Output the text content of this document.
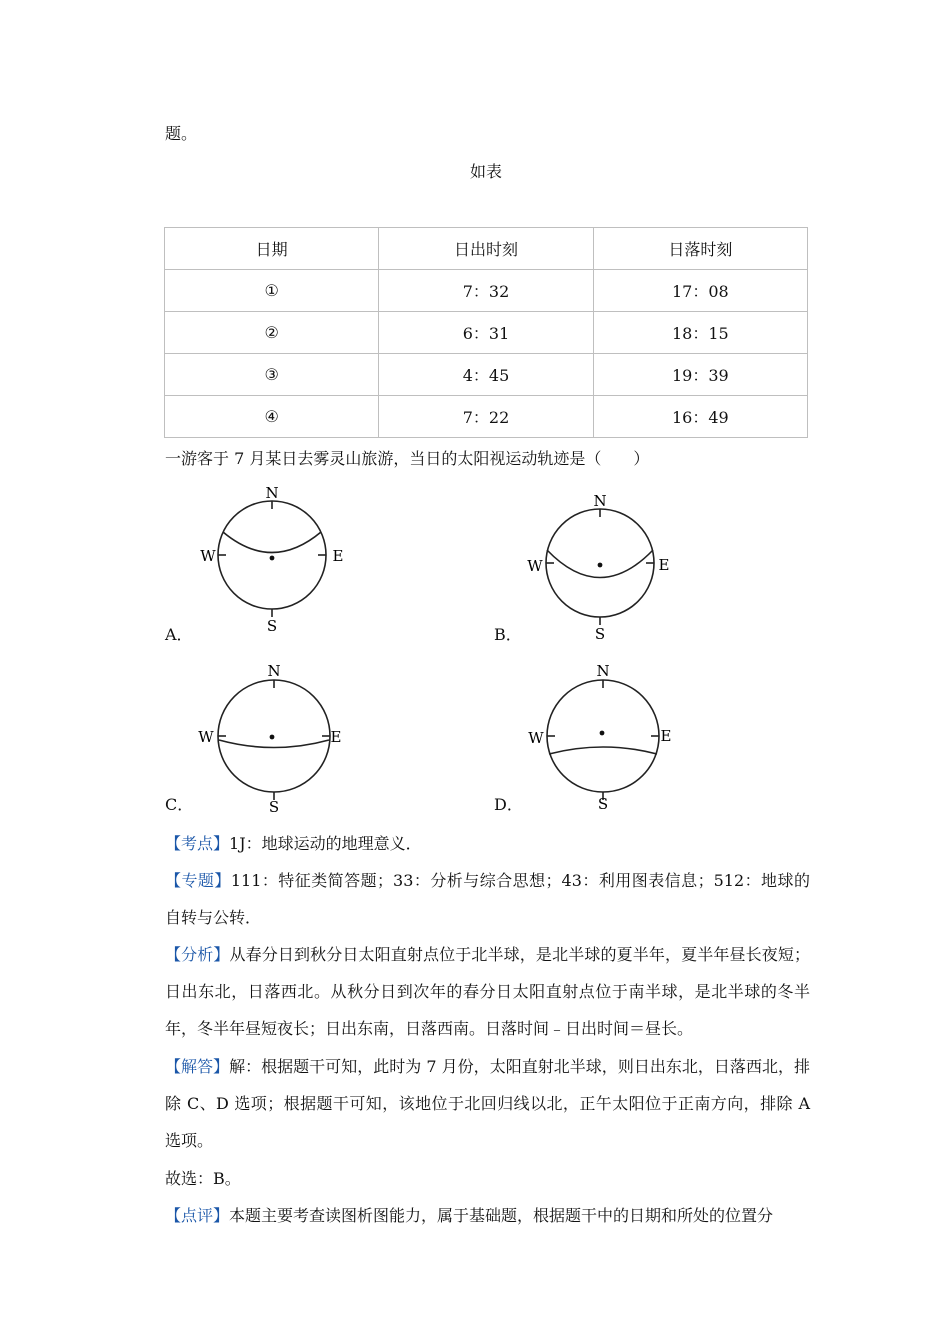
题。
如表
日期	日出时刻	日落时刻
①	7：32	17：08
②	6：31	18：15
③	4：45	19：39
④	7：22	16：49
一游客于 7 月某日去雾灵山旅游，当日的太阳视运动轨迹是（　　）
N
S
W	E
A．
N
S
W	E
B．
N
S
W	E
C．
N
S
W	E
D．
【考点】1J：地球运动的地理意义．
【专题】111：特征类简答题；33：分析与综合思想；43：利用图表信息；512：地球的自转与公转．
【分析】从春分日到秋分日太阳直射点位于北半球，是北半球的夏半年，夏半年昼长夜短；日出东北，日落西北。从秋分日到次年的春分日太阳直射点位于南半球，是北半球的冬半年，冬半年昼短夜长；日出东南，日落西南。日落时间﹣日出时间＝昼长。
【解答】解：根据题干可知，此时为 7 月份，太阳直射北半球，则日出东北，日落西北，排除 C、D 选项；根据题干可知，该地位于北回归线以北，正午太阳位于正南方向，排除 A 选项。
故选：B。
【点评】本题主要考查读图析图能力，属于基础题，根据题干中的日期和所处的位置分
